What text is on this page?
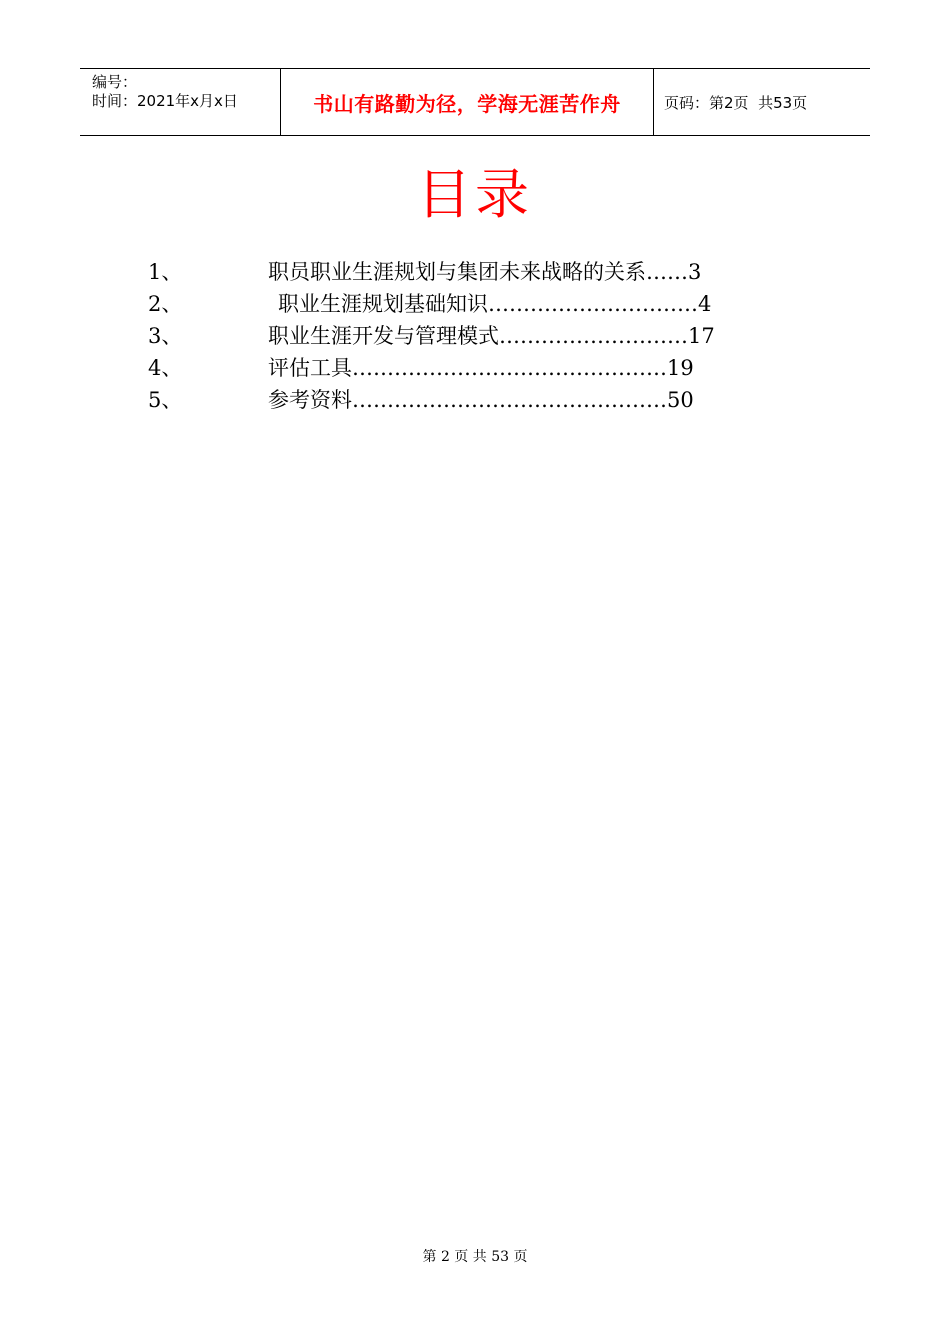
编号：
时间：2021年x月x日	书山有路勤为径，学海无涯苦作舟	页码：第2页  共53页
目录
1、	职员职业生涯规划与集团未来战略的关系……3
2、	职业生涯规划基础知识…………………………4
3、	职业生涯开发与管理模式………………………17
4、	评估工具………………………………………19
5、	参考资料………………………………………50
第 2 页 共 53 页
